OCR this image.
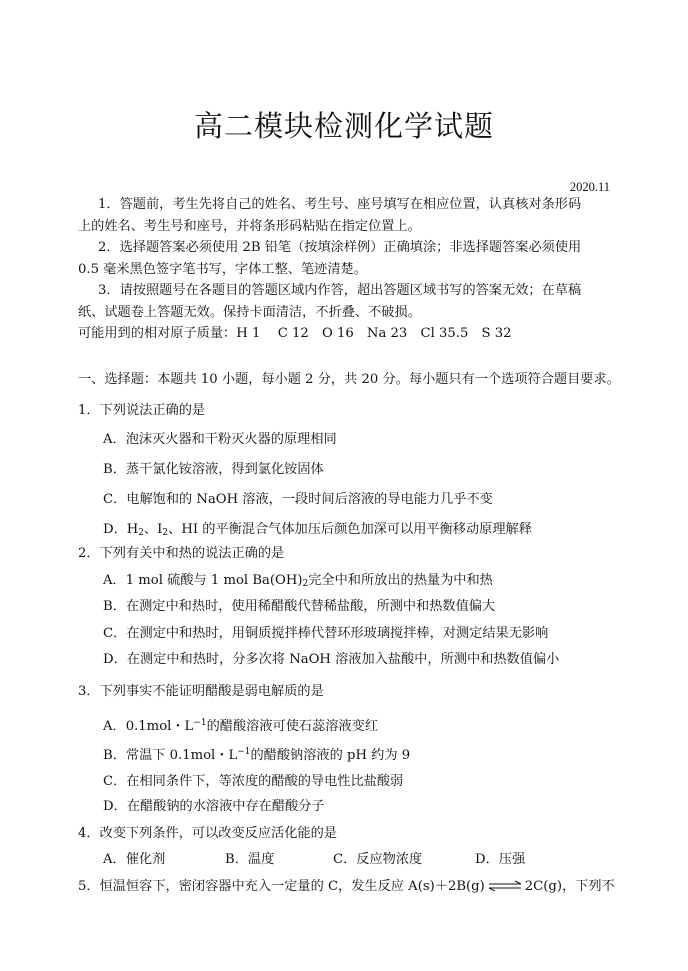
高二模块检测化学试题
2020.11
1．答题前，考生先将自己的姓名、考生号、座号填写在相应位置，认真核对条形码
上的姓名、考生号和座号，并将条形码粘贴在指定位置上。
2．选择题答案必须使用 2B 铅笔（按填涂样例）正确填涂；非选择题答案必须使用
0.5 毫米黑色签字笔书写，字体工整、笔迹清楚。
3．请按照题号在各题目的答题区域内作答，超出答题区域书写的答案无效；在草稿
纸、试题卷上答题无效。保持卡面清洁，不折叠、不破损。
可能用到的相对原子质量：H 1　 C 12　O 16　Na 23　Cl 35.5　S 32
一、选择题：本题共 10 小题，每小题 2 分，共 20 分。每小题只有一个选项符合题目要求。
1．下列说法正确的是
A．泡沫灭火器和干粉灭火器的原理相同
B．蒸干氯化铵溶液，得到氯化铵固体
C．电解饱和的 NaOH 溶液，一段时间后溶液的导电能力几乎不变
D．$H_2$、$I_2$、HI 的平衡混合气体加压后颜色加深可以用平衡移动原理解释
2．下列有关中和热的说法正确的是
A．1 mol 硫酸与 1 mol $Ba(OH)_2$完全中和所放出的热量为中和热
B．在测定中和热时，使用稀醋酸代替稀盐酸，所测中和热数值偏大
C．在测定中和热时，用铜质搅拌棒代替环形玻璃搅拌棒，对测定结果无影响
D．在测定中和热时，分多次将 NaOH 溶液加入盐酸中，所测中和热数值偏小
3．下列事实不能证明醋酸是弱电解质的是
A．0.1mol・$L^{-1}$的醋酸溶液可使石蕊溶液变红
B．常温下 0.1mol・$L^{-1}$的醋酸钠溶液的 pH 约为 9
C．在相同条件下，等浓度的醋酸的导电性比盐酸弱
D．在醋酸钠的水溶液中存在醋酸分子
4．改变下列条件，可以改变反应活化能的是
A．催化剂	B．温度	C．反应物浓度	D．压强
5．恒温恒容下，密闭容器中充入一定量的 C，发生反应 A(s)＋2B(g)⇌2C(g)，下列不
